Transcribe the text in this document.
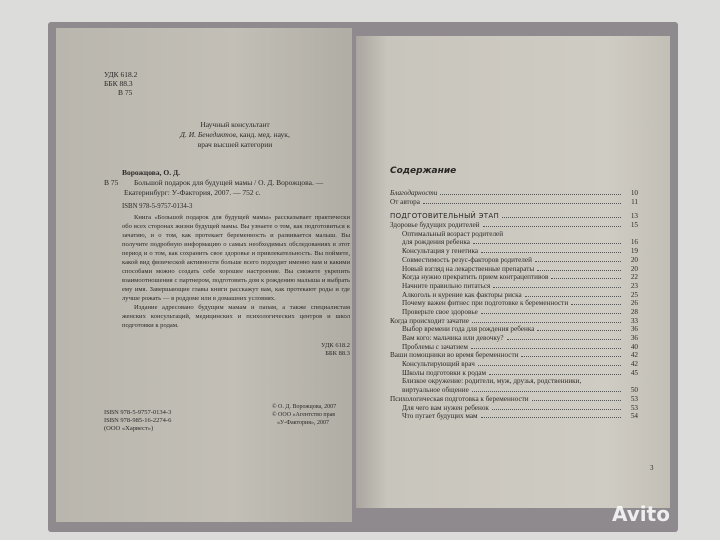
УДК 618.2
ББК 88.3
В 75
Научный консультант
Д. И. Бенедиктов, канд. мед. наук,
врач высшей категории
Ворожцова, О. Д.
В 75 Большой подарок для будущей мамы / О. Д. Ворожцова. —
Екатеринбург: У-Фактория, 2007. — 752 с.
ISBN 978-5-9757-0134-3

Книга «Большой подарок для будущей мамы» рассказывает практически обо всех сторонах жизни будущей мамы. Вы узнаете о том, как подготовиться к зачатию, и о том, как протекает беременность и развивается малыш. Вы получите подробную информацию о самых необходимых обследованиях в этот период и о том, как сохранить свое здоровье и привлекательность. Вы поймете, какой вид физической активности больше всего подходит именно вам и какими способами можно создать себе хорошее настроение. Вы сможете укрепить взаимоотношения с партнером, подготовить дом к рождению малыша и выбрать ему имя. Завершающие главы книги расскажут вам, как протекают роды и где лучше рожать — в роддоме или в домашних условиях.

Издание адресовано будущим мамам и папам, а также специалистам женских консультаций, медицинских и психологических центров и школ подготовки к родам.

УДК 618.2
ББК 88.3
ISBN 978-5-9757-0134-3
ISBN 978-985-16-2274-6
(ООО «Харвест»)
© О. Д. Ворожцова, 2007
© ООО «Агентство прав
«У-Фактория», 2007
Содержание
Благодарности	10
От автора	11
ПОДГОТОВИТЕЛЬНЫЙ ЭТАП	13
Здоровье будущих родителей	15
Оптимальный возраст родителей
для рождения ребенка	16
Консультация у генетика	19
Совместимость резус-факторов родителей	20
Новый взгляд на лекарственные препараты	20
Когда нужно прекратить прием контрацептивов	22
Начните правильно питаться	23
Алкоголь и курение как факторы риска	25
Почему важен фитнес при подготовке к беременности	26
Проверьте свое здоровье	28
Когда происходит зачатие	33
Выбор времени года для рождения ребенка	36
Вам кого: мальчика или девочку?	36
Проблемы с зачатием	40
Ваши помощники во время беременности	42
Консультирующий врач	42
Школы подготовки к родам	45
Близкое окружение: родители, муж, друзья, родственники,
виртуальное общение	50
Психологическая подготовка к беременности	53
Для чего вам нужен ребенок	53
Что пугает будущих мам	54
3
Avito
